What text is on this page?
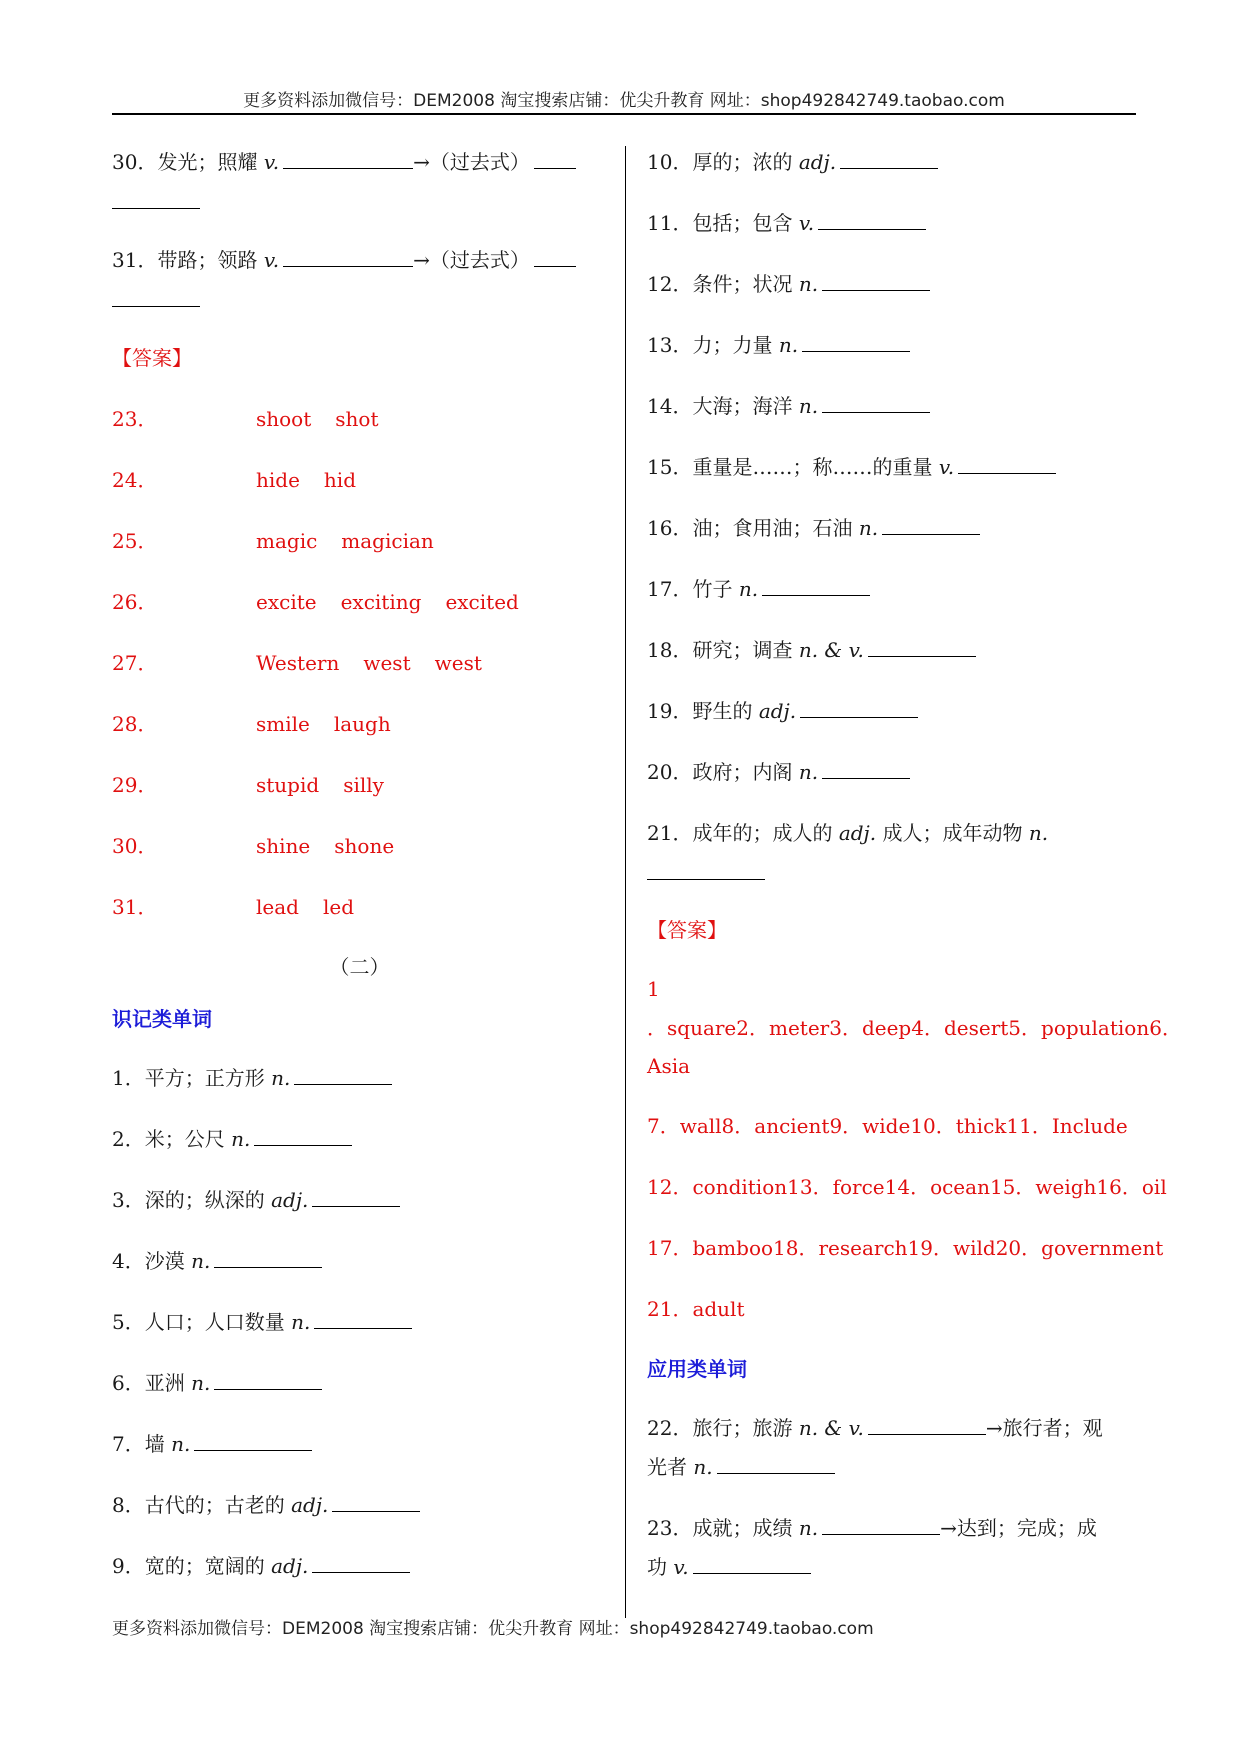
更多资料添加微信号：DEM2008 淘宝搜索店铺：优尖升教育 网址：shop492842749.taobao.com
30．发光；照耀 v.	→（过去式）
31．带路；领路 v.	→（过去式）
【答案】
23．	shoot shot
24．	hide hid
25．	magic magician
26．	excite exciting excited
27．	Western west west
28．	smile laugh
29．	stupid silly
30．	shine shone
31．	lead led
（二）
识记类单词
1．平方；正方形 n.
2．米；公尺 n.
3．深的；纵深的 adj.
4．沙漠 n.
5．人口；人口数量 n.
6．亚洲 n.
7．墙 n.
8．古代的；古老的 adj.
9．宽的；宽阔的 adj.
10．厚的；浓的 adj.
11．包括；包含 v.
12．条件；状况 n.
13．力；力量 n.
14．大海；海洋 n.
15．重量是……；称……的重量 v.
16．油；食用油；石油 n.
17．竹子 n.
18．研究；调查 n. & v.
19．野生的 adj.
20．政府；内阁 n.
21．成年的；成人的 adj. 成人；成年动物 n.
【答案】
1
．square2．meter3．deep4．desert5．population6．
Asia
7．wall8．ancient9．wide10．thick11．Include
12．condition13．force14．ocean15．weigh16．oil
17．bamboo18．research19．wild20．government
21．adult
应用类单词
22．旅行；旅游 n. & v.	→旅行者；观
光者 n.
23．成就；成绩 n.	→达到；完成；成
功 v.
更多资料添加微信号：DEM2008 淘宝搜索店铺：优尖升教育 网址：shop492842749.taobao.com
